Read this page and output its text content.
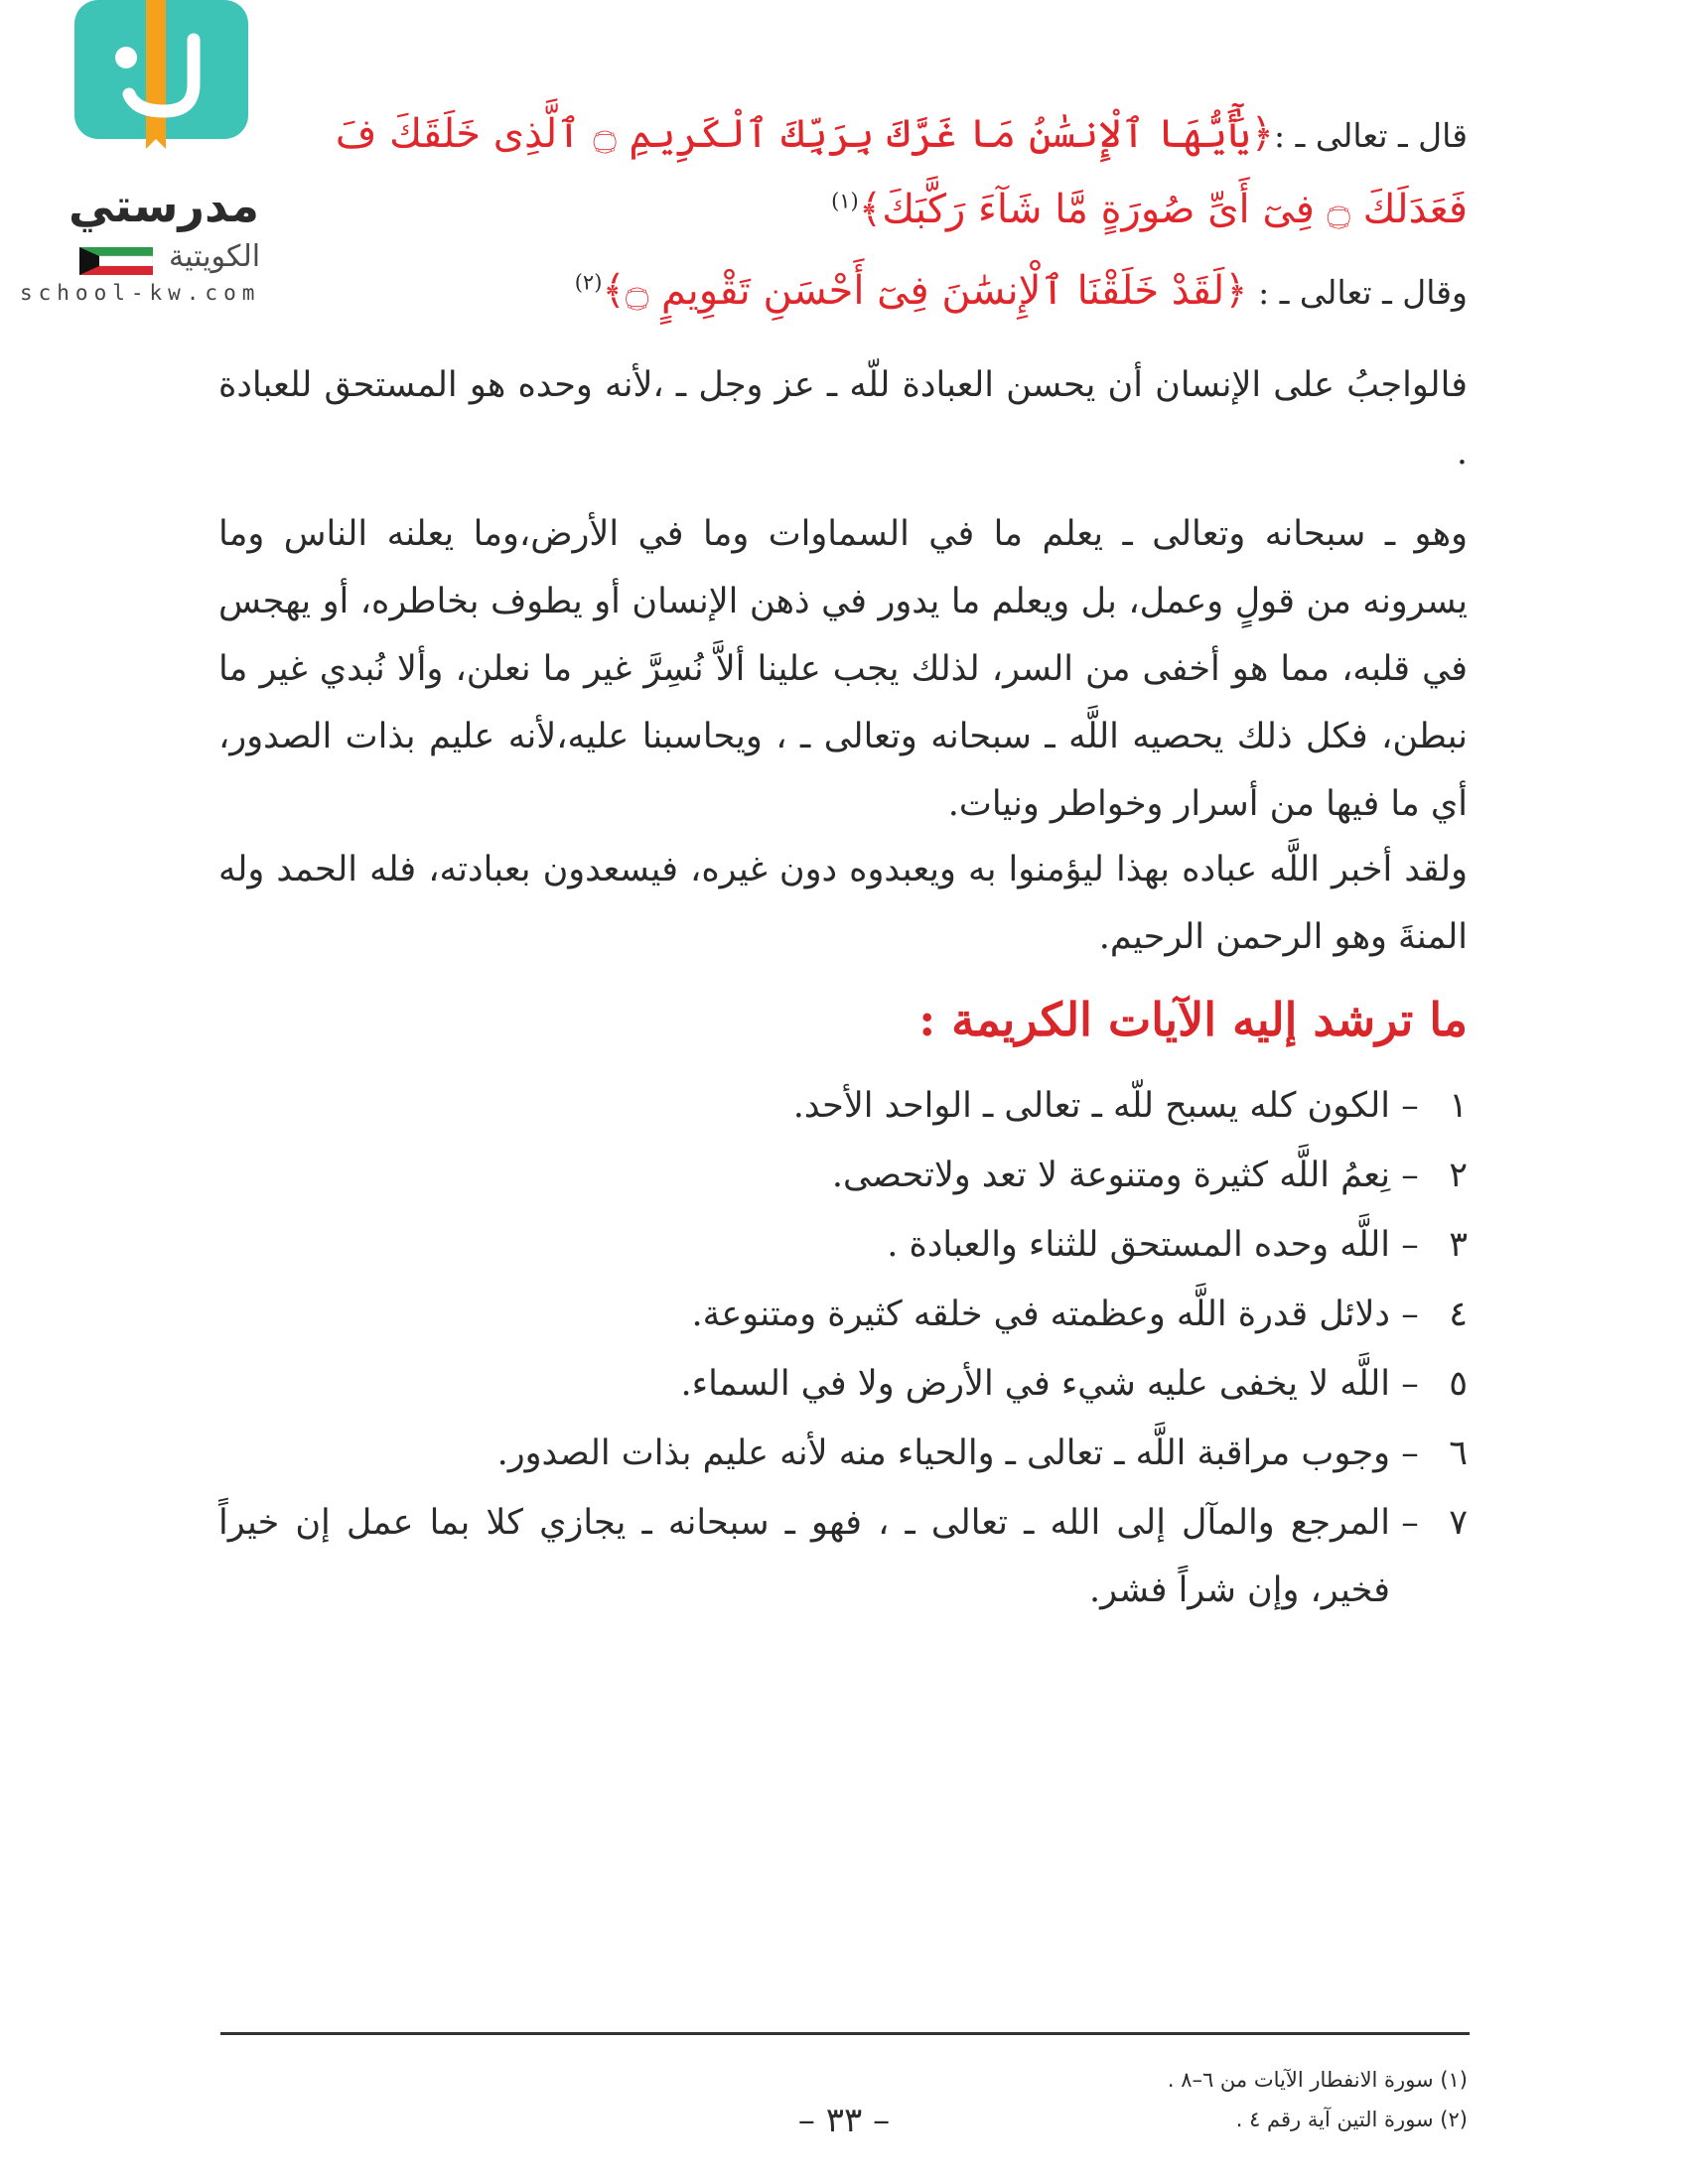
مدرستي
الكويتية
school-kw.com
قال ـ تعالى ـ :﴿يَٰٓأَيُّهَا ٱلْإِنسَٰنُ مَا غَرَّكَ بِرَبِّكَ ٱلْكَرِيمِ ۝ ٱلَّذِى خَلَقَكَ فَ
فَعَدَلَكَ ۝ فِىٓ أَىِّ صُورَةٍ مَّا شَآءَ رَكَّبَكَ﴾$^{(١)}$
وقال ـ تعالى ـ : ﴿لَقَدْ خَلَقْنَا ٱلْإِنسَٰنَ فِىٓ أَحْسَنِ تَقْوِيمٍ ۝﴾$^{(٢)}$

فالواجبُ على الإنسان أن يحسن العبادة للّه ـ عز وجل ـ ،لأنه وحده هو المستحق للعبادة .

وهو ـ سبحانه وتعالى ـ يعلم ما في السماوات وما في الأرض،وما يعلنه الناس وما يسرونه من قولٍ وعمل، بل ويعلم ما يدور في ذهن الإنسان أو يطوف بخاطره، أو يهجس في قلبه، مما هو أخفى من السر، لذلك يجب علينا ألاَّ نُسِرَّ غير ما نعلن، وألا نُبدي غير ما نبطن، فكل ذلك يحصيه اللَّه ـ سبحانه وتعالى ـ ، ويحاسبنا عليه،لأنه عليم بذات الصدور، أي ما فيها من أسرار وخواطر ونيات.

ولقد أخبر اللَّه عباده بهذا ليؤمنوا به ويعبدوه دون غيره، فيسعدون بعبادته، فله الحمد وله المنةَ وهو الرحمن الرحيم.

ما ترشد إليه الآيات الكريمة :
١
–
الكون كله يسبح للّه ـ تعالى ـ الواحد الأحد.
٢
–
نِعمُ اللَّه كثيرة ومتنوعة لا تعد ولاتحصى.
٣
–
اللَّه وحده المستحق للثناء والعبادة .
٤
–
دلائل قدرة اللَّه وعظمته في خلقه كثيرة ومتنوعة.
٥
–
اللَّه لا يخفى عليه شيء في الأرض ولا في السماء.
٦
–
وجوب مراقبة اللَّه ـ تعالى ـ والحياء منه لأنه عليم بذات الصدور.
٧
–
المرجع والمآل إلى الله ـ تعالى ـ ، فهو ـ سبحانه ـ يجازي كلا بما عمل إن خيراً فخير، وإن شراً فشر.
(١) سورة الانفطار الآيات من ٦–٨ .
(٢) سورة التين آية رقم ٤ .
– ٣٣ –
